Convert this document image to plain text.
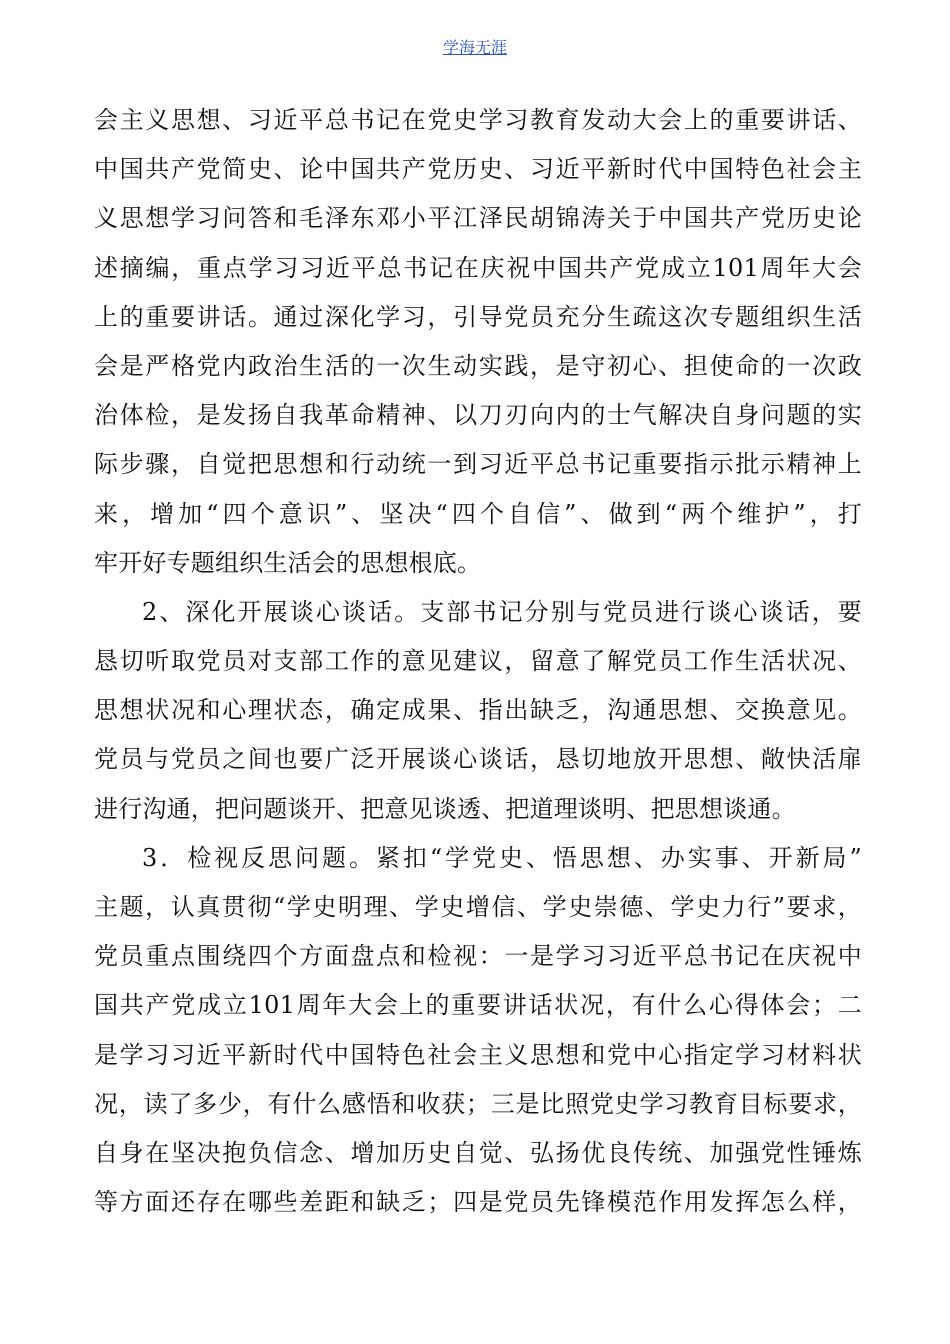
学海无涯
会主义思想、习近平总书记在党史学习教育发动大会上的重要讲话、
中国共产党简史、论中国共产党历史、习近平新时代中国特色社会主
义思想学习问答和毛泽东邓小平江泽民胡锦涛关于中国共产党历史论
述摘编，重点学习习近平总书记在庆祝中国共产党成立101周年大会
上的重要讲话。通过深化学习，引导党员充分生疏这次专题组织生活
会是严格党内政治生活的一次生动实践，是守初心、担使命的一次政
治体检，是发扬自我革命精神、以刀刃向内的士气解决自身问题的实
际步骤，自觉把思想和行动统一到习近平总书记重要指示批示精神上
来，增加“四个意识”、坚决“四个自信”、做到“两个维护”，打
牢开好专题组织生活会的思想根底。
2、深化开展谈心谈话。支部书记分别与党员进行谈心谈话，要
恳切听取党员对支部工作的意见建议，留意了解党员工作生活状况、
思想状况和心理状态，确定成果、指出缺乏，沟通思想、交换意见。
党员与党员之间也要广泛开展谈心谈话，恳切地放开思想、敞快活扉
进行沟通，把问题谈开、把意见谈透、把道理谈明、把思想谈通。
3．检视反思问题。紧扣“学党史、悟思想、办实事、开新局”
主题，认真贯彻“学史明理、学史增信、学史崇德、学史力行”要求，
党员重点围绕四个方面盘点和检视：一是学习习近平总书记在庆祝中
国共产党成立101周年大会上的重要讲话状况，有什么心得体会；二
是学习习近平新时代中国特色社会主义思想和党中心指定学习材料状
况，读了多少，有什么感悟和收获；三是比照党史学习教育目标要求，
自身在坚决抱负信念、增加历史自觉、弘扬优良传统、加强党性锤炼
等方面还存在哪些差距和缺乏；四是党员先锋模范作用发挥怎么样，
